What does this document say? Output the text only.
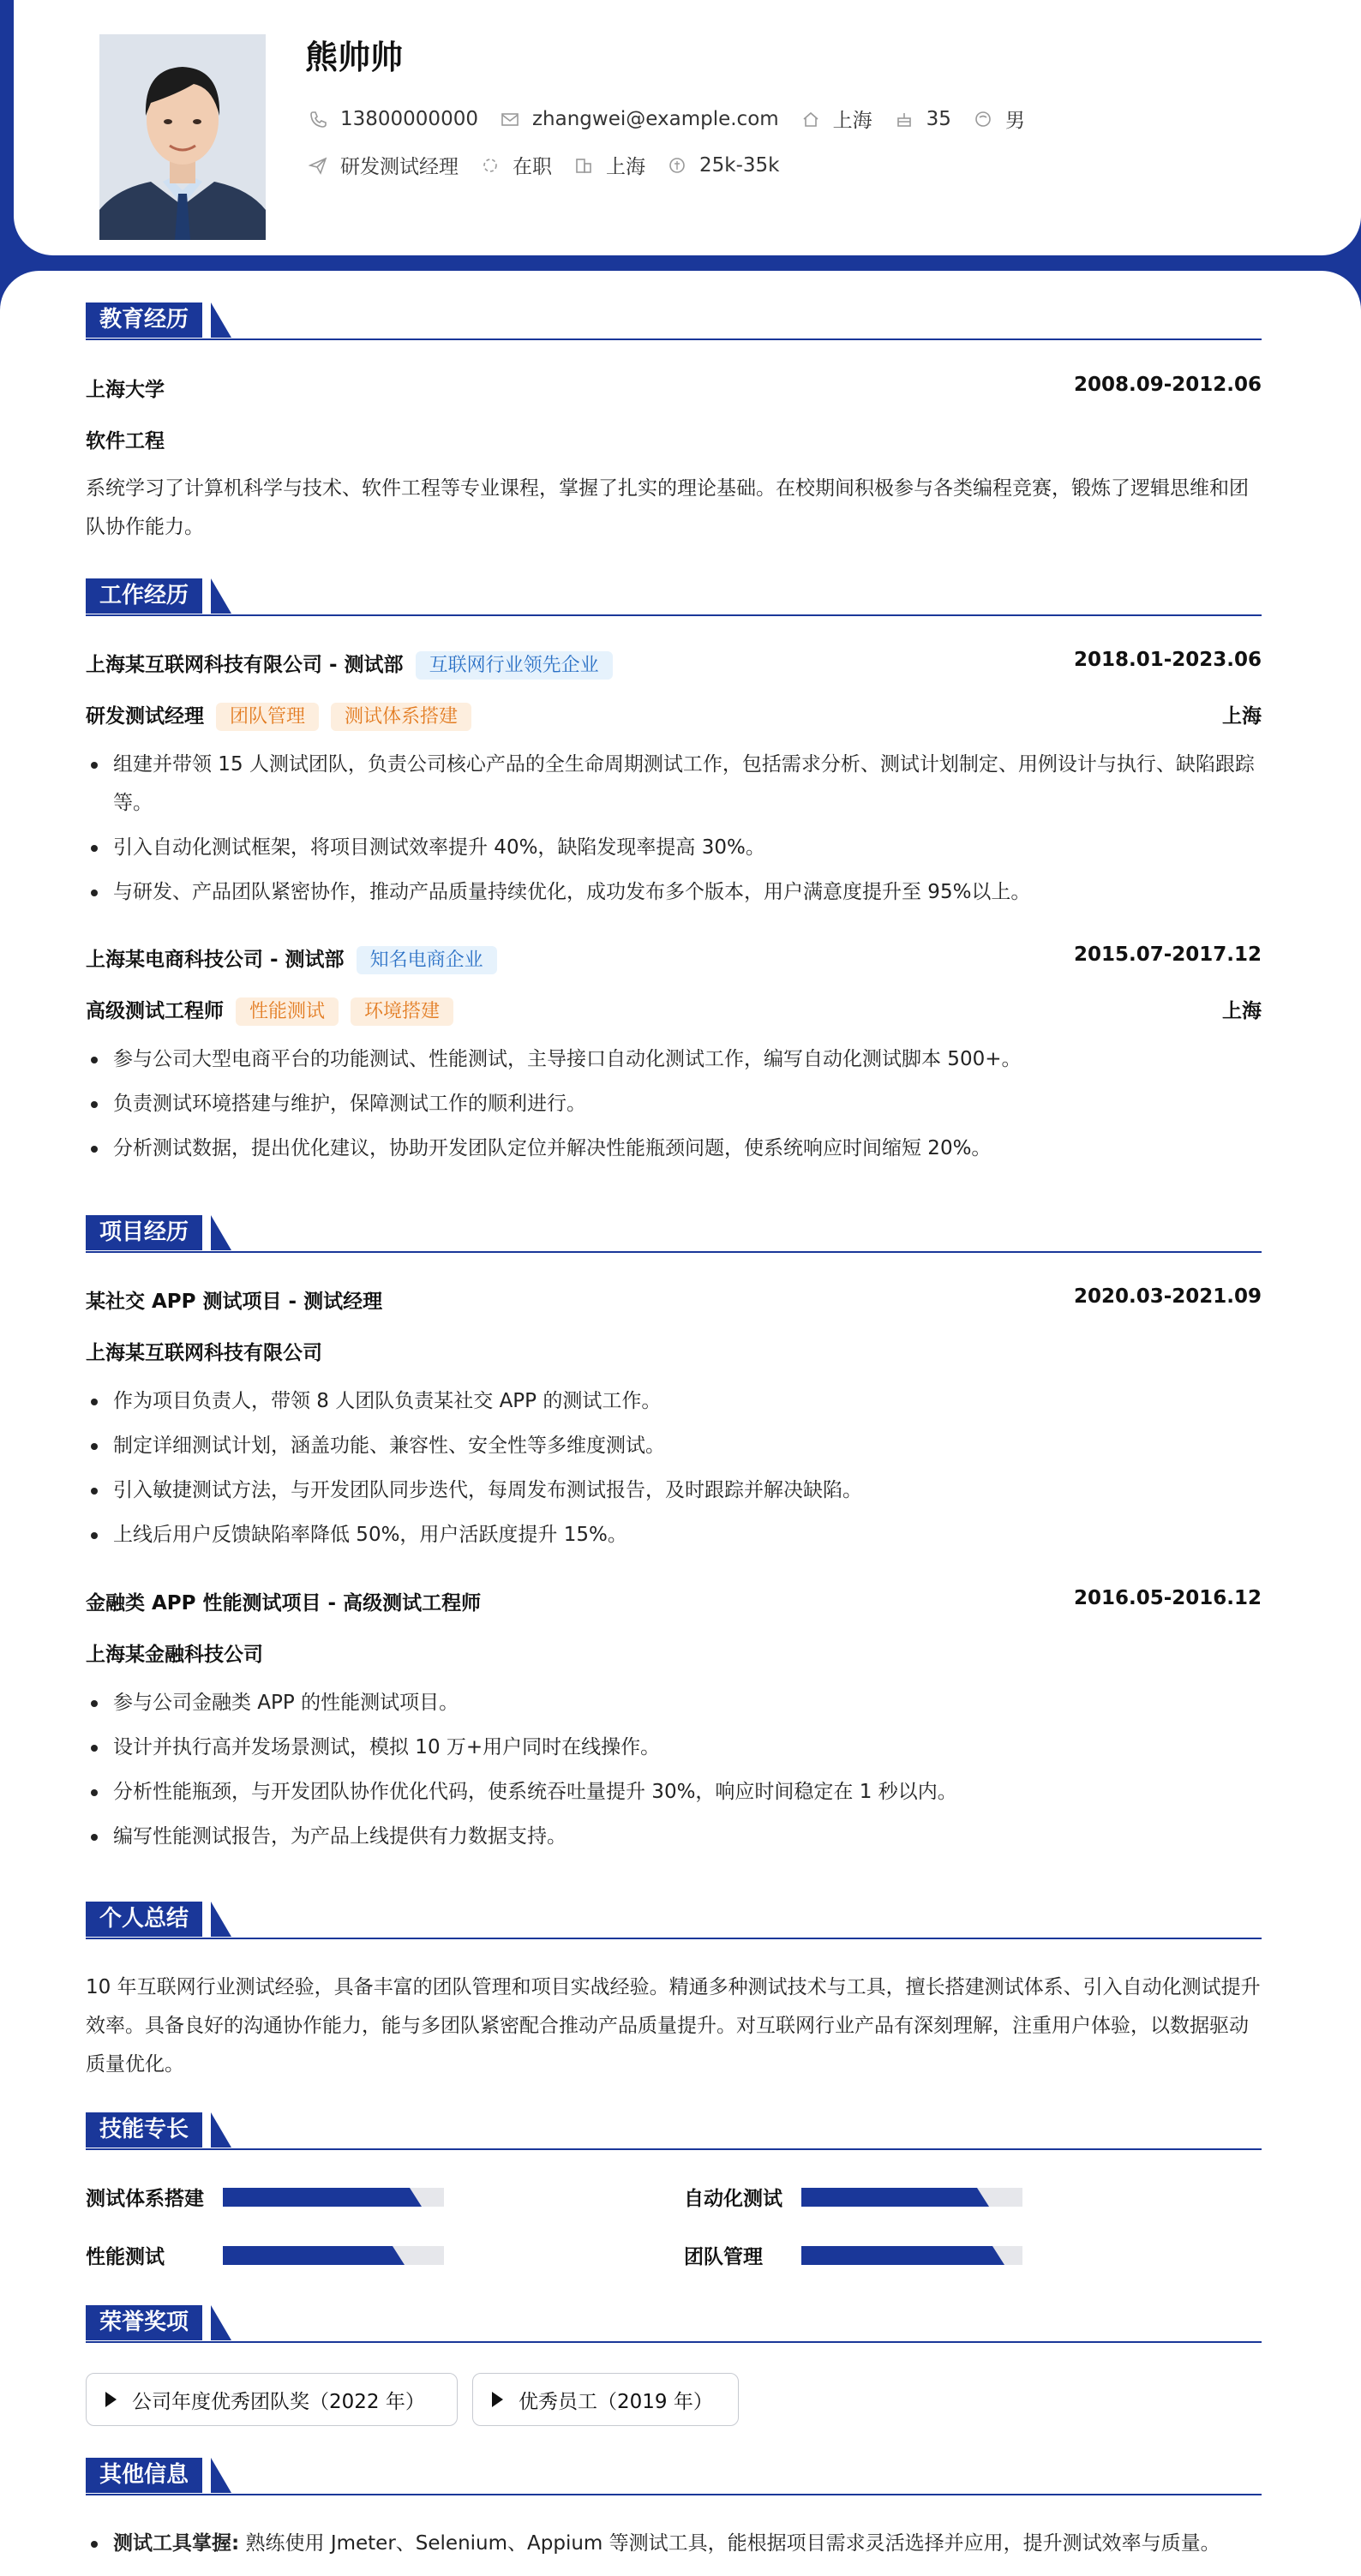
熊帅帅
13800000000	zhangwei@example.com	上海	35	男
研发测试经理	在职	上海	25k-35k
教育经历
上海大学	2008.09-2012.06
软件工程
系统学习了计算机科学与技术、软件工程等专业课程，掌握了扎实的理论基础。在校期间积极参与各类编程竞赛，锻炼了逻辑思维和团队协作能力。
工作经历
上海某互联网科技有限公司 - 测试部 互联网行业领先企业	2018.01-2023.06
研发测试经理 团队管理 测试体系搭建	上海
组建并带领 15 人测试团队，负责公司核心产品的全生命周期测试工作，包括需求分析、测试计划制定、用例设计与执行、缺陷跟踪等。
引入自动化测试框架，将项目测试效率提升 40%，缺陷发现率提高 30%。
与研发、产品团队紧密协作，推动产品质量持续优化，成功发布多个版本，用户满意度提升至 95%以上。
上海某电商科技公司 - 测试部 知名电商企业	2015.07-2017.12
高级测试工程师 性能测试 环境搭建	上海
参与公司大型电商平台的功能测试、性能测试，主导接口自动化测试工作，编写自动化测试脚本 500+。
负责测试环境搭建与维护，保障测试工作的顺利进行。
分析测试数据，提出优化建议，协助开发团队定位并解决性能瓶颈问题，使系统响应时间缩短 20%。
项目经历
某社交 APP 测试项目 - 测试经理	2020.03-2021.09
上海某互联网科技有限公司
作为项目负责人，带领 8 人团队负责某社交 APP 的测试工作。
制定详细测试计划，涵盖功能、兼容性、安全性等多维度测试。
引入敏捷测试方法，与开发团队同步迭代，每周发布测试报告，及时跟踪并解决缺陷。
上线后用户反馈缺陷率降低 50%，用户活跃度提升 15%。
金融类 APP 性能测试项目 - 高级测试工程师	2016.05-2016.12
上海某金融科技公司
参与公司金融类 APP 的性能测试项目。
设计并执行高并发场景测试，模拟 10 万+用户同时在线操作。
分析性能瓶颈，与开发团队协作优化代码，使系统吞吐量提升 30%，响应时间稳定在 1 秒以内。
编写性能测试报告，为产品上线提供有力数据支持。
个人总结
10 年互联网行业测试经验，具备丰富的团队管理和项目实战经验。精通多种测试技术与工具，擅长搭建测试体系、引入自动化测试提升效率。具备良好的沟通协作能力，能与多团队紧密配合推动产品质量提升。对互联网行业产品有深刻理解，注重用户体验，以数据驱动质量优化。
技能专长
测试体系搭建	自动化测试
性能测试	团队管理
荣誉奖项
公司年度优秀团队奖（2022 年）	优秀员工（2019 年）
其他信息
测试工具掌握: 熟练使用 Jmeter、Selenium、Appium 等测试工具，能根据项目需求灵活选择并应用，提升测试效率与质量。
